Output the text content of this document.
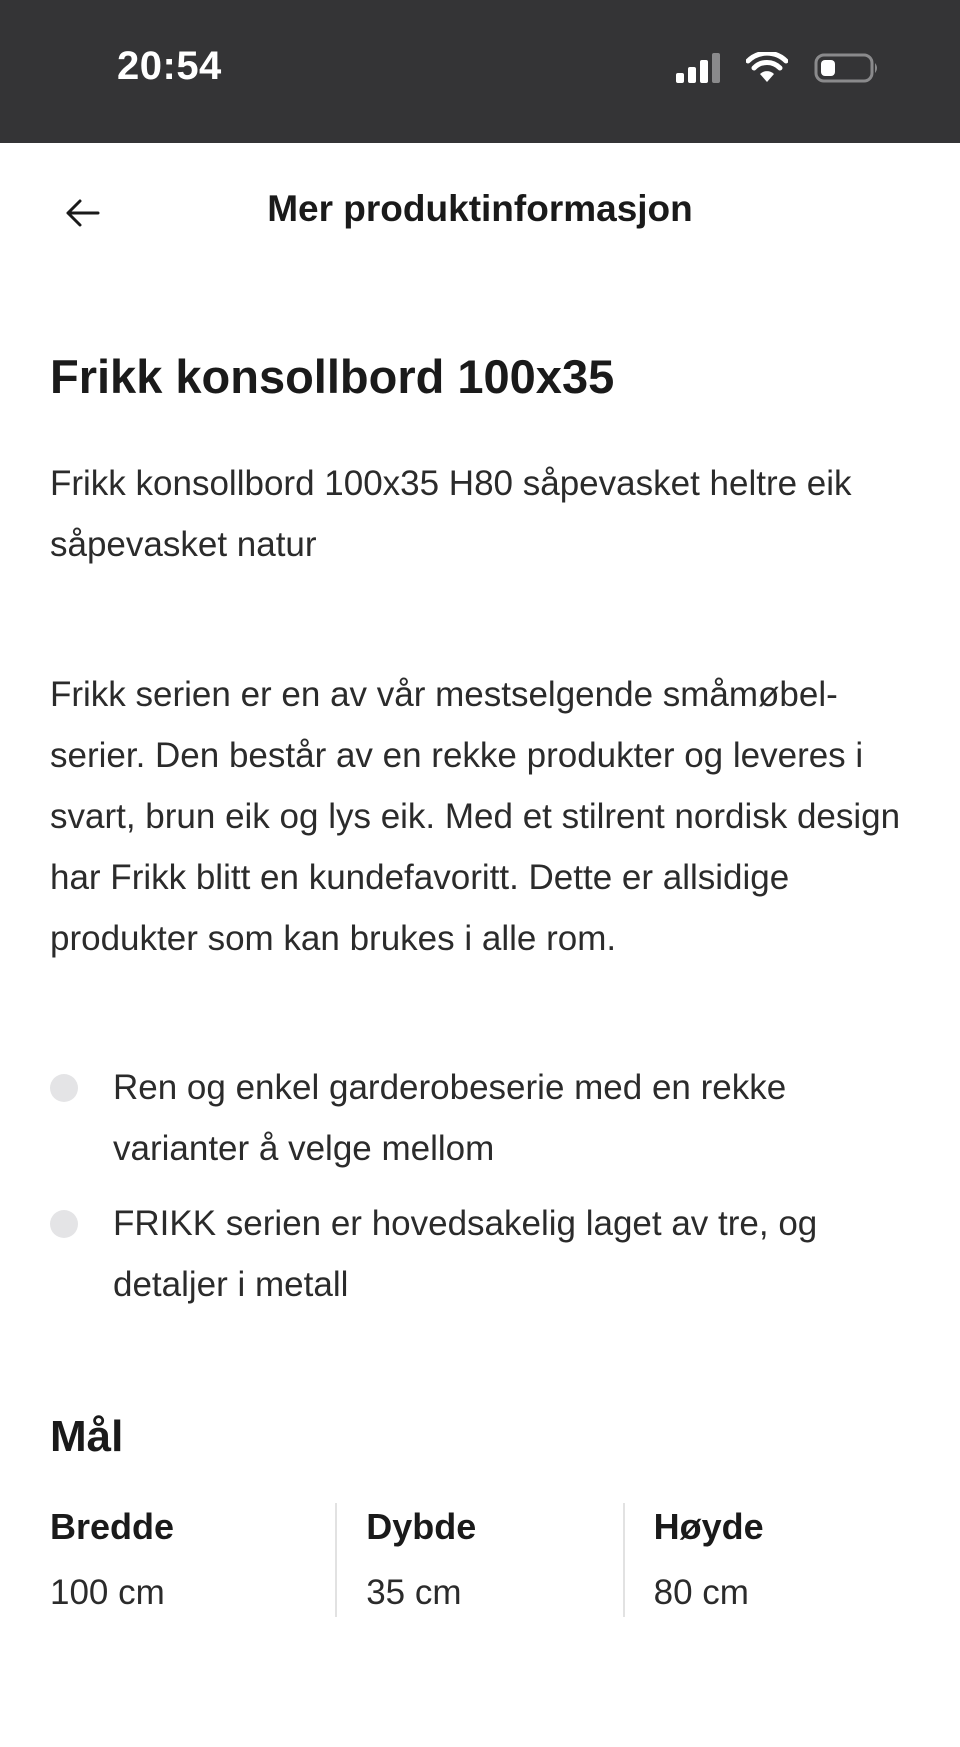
20:54
Mer produktinformasjon
Frikk konsollbord 100x35

Frikk konsollbord 100x35 H80 såpevasket heltre eik såpevasket natur

Frikk serien er en av vår mestselgende småmøbel-serier. Den består av en rekke produkter og leveres i svart, brun eik og lys eik. Med et stilrent nordisk design har Frikk blitt en kundefavoritt. Dette er allsidige produkter som kan brukes i alle rom.

Ren og enkel garderobeserie med en rekke varianter å velge mellom
FRIKK serien er hovedsakelig laget av tre, og detaljer i metall
Mål
Bredde
100 cm
Dybde
35 cm
Høyde
80 cm
